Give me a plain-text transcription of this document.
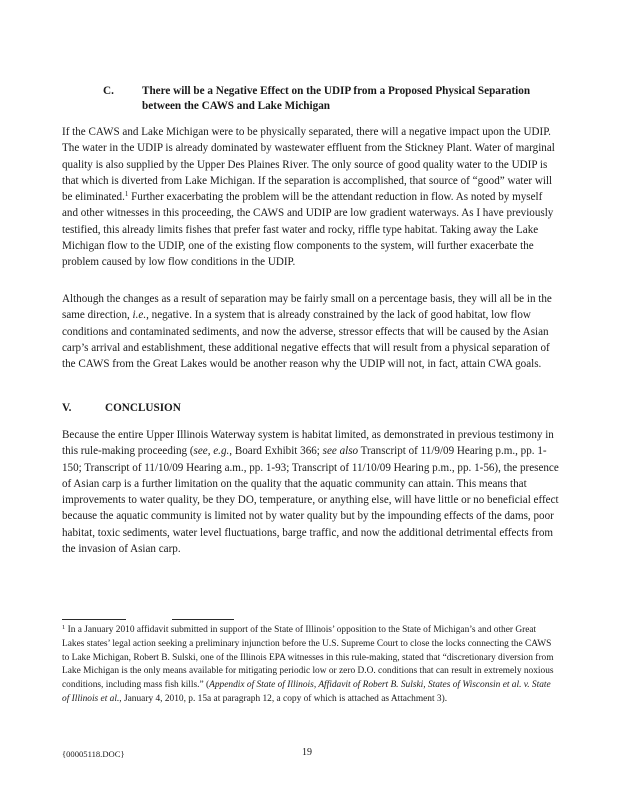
C.	There will be a Negative Effect on the UDIP from a Proposed Physical Separation between the CAWS and Lake Michigan

If the CAWS and Lake Michigan were to be physically separated, there will a negative impact upon the UDIP. The water in the UDIP is already dominated by wastewater effluent from the Stickney Plant. Water of marginal quality is also supplied by the Upper Des Plaines River. The only source of good quality water to the UDIP is that which is diverted from Lake Michigan. If the separation is accomplished, that source of “good” water will be eliminated.$^1$ Further exacerbating the problem will be the attendant reduction in flow. As noted by myself and other witnesses in this proceeding, the CAWS and UDIP are low gradient waterways. As I have previously testified, this already limits fishes that prefer fast water and rocky, riffle type habitat. Taking away the Lake Michigan flow to the UDIP, one of the existing flow components to the system, will further exacerbate the problem caused by low flow conditions in the UDIP.

Although the changes as a result of separation may be fairly small on a percentage basis, they will all be in the same direction, i.e., negative. In a system that is already constrained by the lack of good habitat, low flow conditions and contaminated sediments, and now the adverse, stressor effects that will be caused by the Asian carp’s arrival and establishment, these additional negative effects that will result from a physical separation of the CAWS from the Great Lakes would be another reason why the UDIP will not, in fact, attain CWA goals.

V.	CONCLUSION

Because the entire Upper Illinois Waterway system is habitat limited, as demonstrated in previous testimony in this rule-making proceeding (see, e.g., Board Exhibit 366; see also Transcript of 11/9/09 Hearing p.m., pp. 1-150; Transcript of 11/10/09 Hearing a.m., pp. 1-93; Transcript of 11/10/09 Hearing p.m., pp. 1-56), the presence of Asian carp is a further limitation on the quality that the aquatic community can attain. This means that improvements to water quality, be they DO, temperature, or anything else, will have little or no beneficial effect because the aquatic community is limited not by water quality but by the impounding effects of the dams, poor habitat, toxic sediments, water level fluctuations, barge traffic, and now the additional detrimental effects from the invasion of Asian carp.

$^1$ In a January 2010 affidavit submitted in support of the State of Illinois’ opposition to the State of Michigan’s and other Great Lakes states’ legal action seeking a preliminary injunction before the U.S. Supreme Court to close the locks connecting the CAWS to Lake Michigan, Robert B. Sulski, one of the Illinois EPA witnesses in this rule-making, stated that “discretionary diversion from Lake Michigan is the only means available for mitigating periodic low or zero D.O. conditions that can result in extremely noxious conditions, including mass fish kills.” (Appendix of State of Illinois, Affidavit of Robert B. Sulski, States of Wisconsin et al. v. State of Illinois et al., January 4, 2010, p. 15a at paragraph 12, a copy of which is attached as Attachment 3).

{00005118.DOC}	19
